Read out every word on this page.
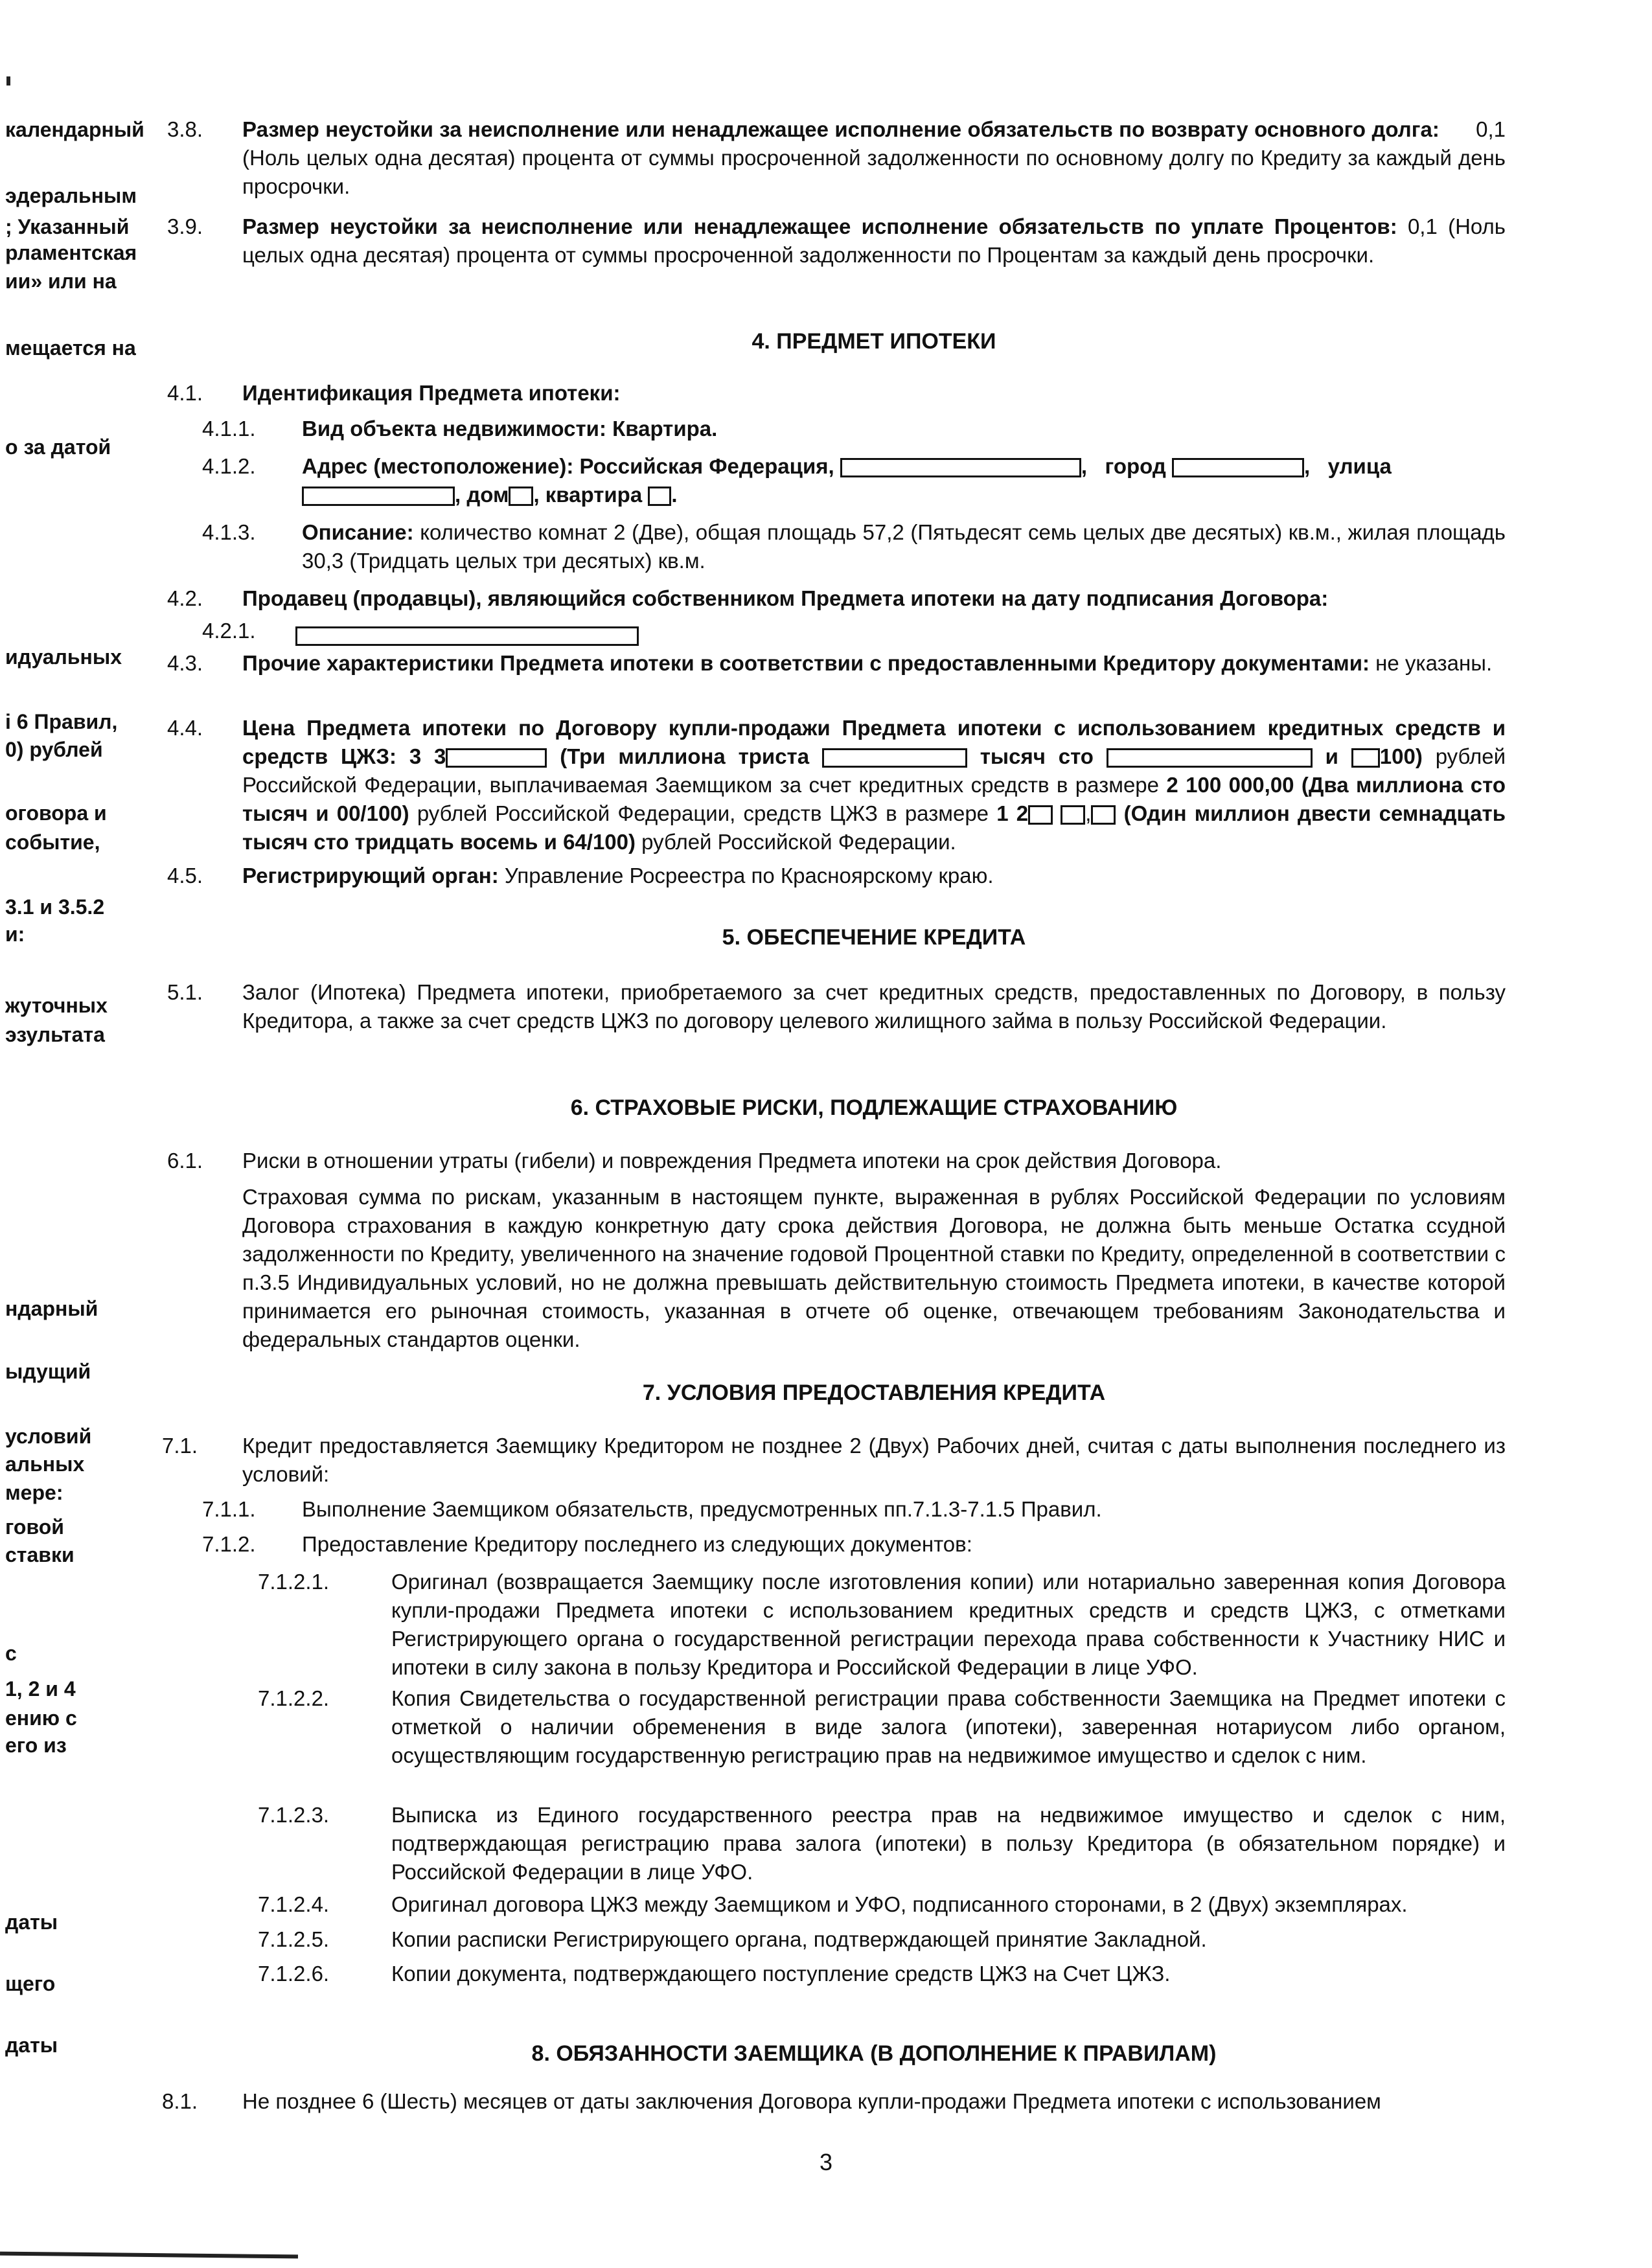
календарный
эдеральным
; Указанный
рламентская
ии» или на
мещается на
о за датой
идуальных
і 6 Правил,
0) рублей
оговора и
событие,
3.1 и 3.5.2
и:
жуточных
эзультата
ндарный
ыдущий
условий
альных
мере:
говой
ставки
с
1, 2 и 4
ению с
его из
даты
щего
даты
3.8. Размер неустойки за неисполнение или ненадлежащее исполнение обязательств по возврату основного долга: 0,1 (Ноль целых одна десятая) процента от суммы просроченной задолженности по основному долгу по Кредиту за каждый день просрочки.
3.9. Размер неустойки за неисполнение или ненадлежащее исполнение обязательств по уплате Процентов: 0,1 (Ноль целых одна десятая) процента от суммы просроченной задолженности по Процентам за каждый день просрочки.
4. ПРЕДМЕТ ИПОТЕКИ
4.1. Идентификация Предмета ипотеки:
4.1.1. Вид объекта недвижимости: Квартира.
4.1.2. Адрес (местоположение): Российская Федерация,	,   город	,   улица
, дом , квартира .
4.1.3. Описание: количество комнат 2 (Две), общая площадь 57,2 (Пятьдесят семь целых две десятых) кв.м., жилая площадь 30,3 (Тридцать целых три десятых) кв.м.
4.2. Продавец (продавцы), являющийся собственником Предмета ипотеки на дату подписания Договора:
4.2.1.
4.3. Прочие характеристики Предмета ипотеки в соответствии с предоставленными Кредитору документами: не указаны.
4.4. Цена Предмета ипотеки по Договору купли-продажи Предмета ипотеки с использованием кредитных средств и средств ЦЖЗ: 3 3	(Три миллиона триста	тысяч сто	и 100) рублей Российской Федерации, выплачиваемая Заемщиком за счет кредитных средств в размере 2 100 000,00 (Два миллиона сто тысяч и 00/100) рублей Российской Федерации, средств ЦЖЗ в размере 1 2	, (Один миллион двести семнадцать тысяч сто тридцать восемь и 64/100) рублей Российской Федерации.
4.5. Регистрирующий орган: Управление Росреестра по Красноярскому краю.
5. ОБЕСПЕЧЕНИЕ КРЕДИТА
5.1. Залог (Ипотека) Предмета ипотеки, приобретаемого за счет кредитных средств, предоставленных по Договору, в пользу Кредитора, а также за счет средств ЦЖЗ по договору целевого жилищного займа в пользу Российской Федерации.
6. СТРАХОВЫЕ РИСКИ, ПОДЛЕЖАЩИЕ СТРАХОВАНИЮ
6.1. Риски в отношении утраты (гибели) и повреждения Предмета ипотеки на срок действия Договора.
Страховая сумма по рискам, указанным в настоящем пункте, выраженная в рублях Российской Федерации по условиям Договора страхования в каждую конкретную дату срока действия Договора, не должна быть меньше Остатка ссудной задолженности по Кредиту, увеличенного на значение годовой Процентной ставки по Кредиту, определенной в соответствии с п.3.5 Индивидуальных условий, но не должна превышать действительную стоимость Предмета ипотеки, в качестве которой принимается его рыночная стоимость, указанная в отчете об оценке, отвечающем требованиям Законодательства и федеральных стандартов оценки.
7. УСЛОВИЯ ПРЕДОСТАВЛЕНИЯ КРЕДИТА
7.1. Кредит предоставляется Заемщику Кредитором не позднее 2 (Двух) Рабочих дней, считая с даты выполнения последнего из условий:
7.1.1. Выполнение Заемщиком обязательств, предусмотренных пп.7.1.3-7.1.5 Правил.
7.1.2. Предоставление Кредитору последнего из следующих документов:
7.1.2.1.	Оригинал (возвращается Заемщику после изготовления копии) или нотариально заверенная копия Договора купли-продажи Предмета ипотеки с использованием кредитных средств и средств ЦЖЗ, с отметками Регистрирующего органа о государственной регистрации перехода права собственности к Участнику НИС и ипотеки в силу закона в пользу Кредитора и Российской Федерации в лице УФО.
7.1.2.2.	Копия Свидетельства о государственной регистрации права собственности Заемщика на Предмет ипотеки с отметкой о наличии обременения в виде залога (ипотеки), заверенная нотариусом либо органом, осуществляющим государственную регистрацию прав на недвижимое имущество и сделок с ним.
7.1.2.3.	Выписка из Единого государственного реестра прав на недвижимое имущество и сделок с ним, подтверждающая регистрацию права залога (ипотеки) в пользу Кредитора (в обязательном порядке) и Российской Федерации в лице УФО.
7.1.2.4.	Оригинал договора ЦЖЗ между Заемщиком и УФО, подписанного сторонами, в 2 (Двух) экземплярах.
7.1.2.5.	Копии расписки Регистрирующего органа, подтверждающей принятие Закладной.
7.1.2.6.	Копии документа, подтверждающего поступление средств ЦЖЗ на Счет ЦЖЗ.
8. ОБЯЗАННОСТИ ЗАЕМЩИКА (В ДОПОЛНЕНИЕ К ПРАВИЛАМ)
8.1. Не позднее 6 (Шесть) месяцев от даты заключения Договора купли-продажи Предмета ипотеки с использованием
3
